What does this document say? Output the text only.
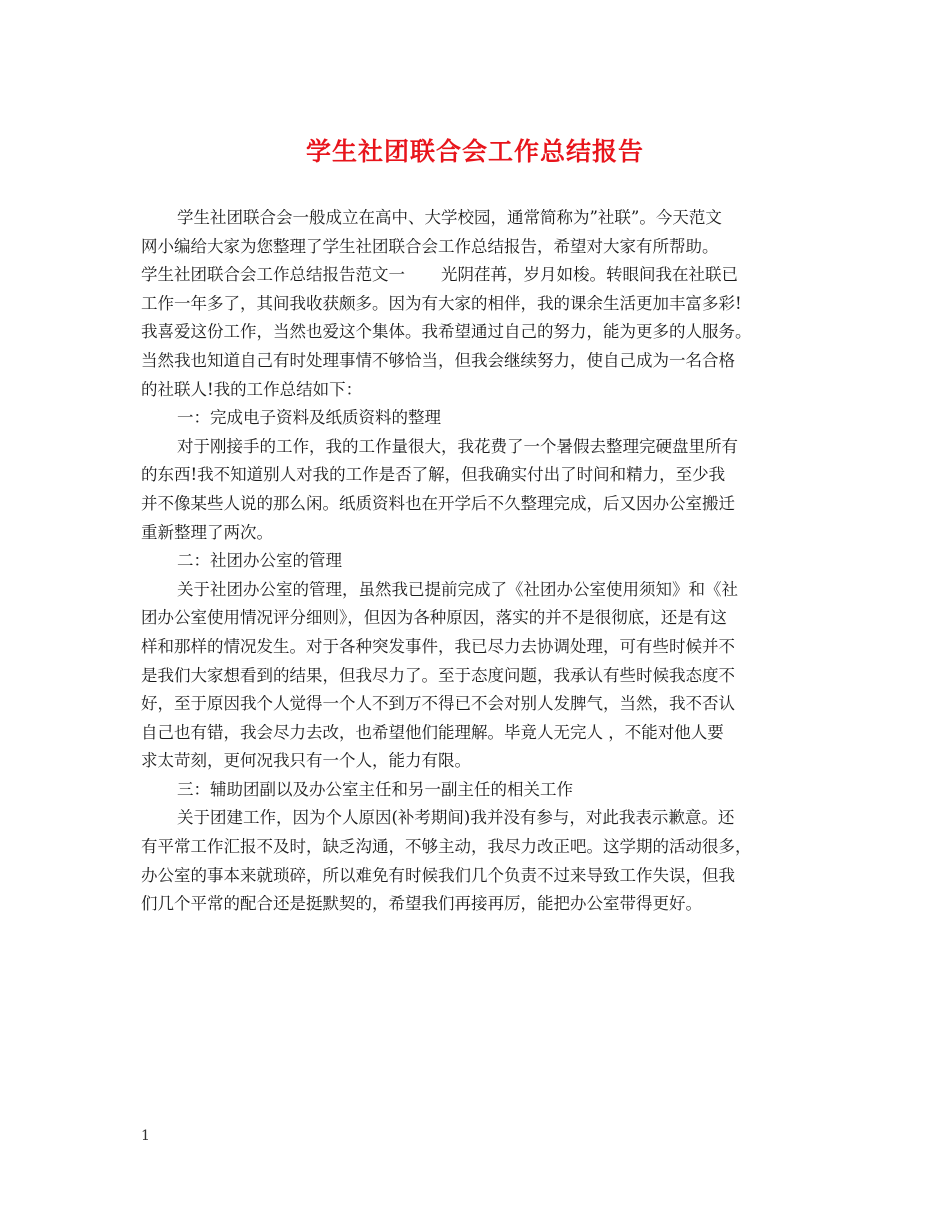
学生社团联合会工作总结报告
学生社团联合会一般成立在高中、大学校园，通常简称为”社联”。今天范文
网小编给大家为您整理了学生社团联合会工作总结报告，希望对大家有所帮助。
学生社团联合会工作总结报告范文一 光阴荏苒，岁月如梭。转眼间我在社联已
工作一年多了，其间我收获颇多。因为有大家的相伴，我的课余生活更加丰富多彩!
我喜爱这份工作，当然也爱这个集体。我希望通过自己的努力，能为更多的人服务。
当然我也知道自己有时处理事情不够恰当，但我会继续努力，使自己成为一名合格
的社联人!我的工作总结如下：
一：完成电子资料及纸质资料的整理
对于刚接手的工作，我的工作量很大，我花费了一个暑假去整理完硬盘里所有
的东西!我不知道别人对我的工作是否了解，但我确实付出了时间和精力，至少我
并不像某些人说的那么闲。纸质资料也在开学后不久整理完成，后又因办公室搬迁
重新整理了两次。
二：社团办公室的管理
关于社团办公室的管理，虽然我已提前完成了《社团办公室使用须知》和《社
团办公室使用情况评分细则》，但因为各种原因，落实的并不是很彻底，还是有这
样和那样的情况发生。对于各种突发事件，我已尽力去协调处理，可有些时候并不
是我们大家想看到的结果，但我尽力了。至于态度问题，我承认有些时候我态度不
好，至于原因我个人觉得一个人不到万不得已不会对别人发脾气，当然，我不否认
自己也有错，我会尽力去改，也希望他们能理解。毕竟人无完人 ，不能对他人要
求太苛刻，更何况我只有一个人，能力有限。
三：辅助团副以及办公室主任和另一副主任的相关工作
关于团建工作，因为个人原因(补考期间)我并没有参与，对此我表示歉意。还
有平常工作汇报不及时，缺乏沟通，不够主动，我尽力改正吧。这学期的活动很多，
办公室的事本来就琐碎，所以难免有时候我们几个负责不过来导致工作失误，但我
们几个平常的配合还是挺默契的，希望我们再接再厉，能把办公室带得更好。
1
